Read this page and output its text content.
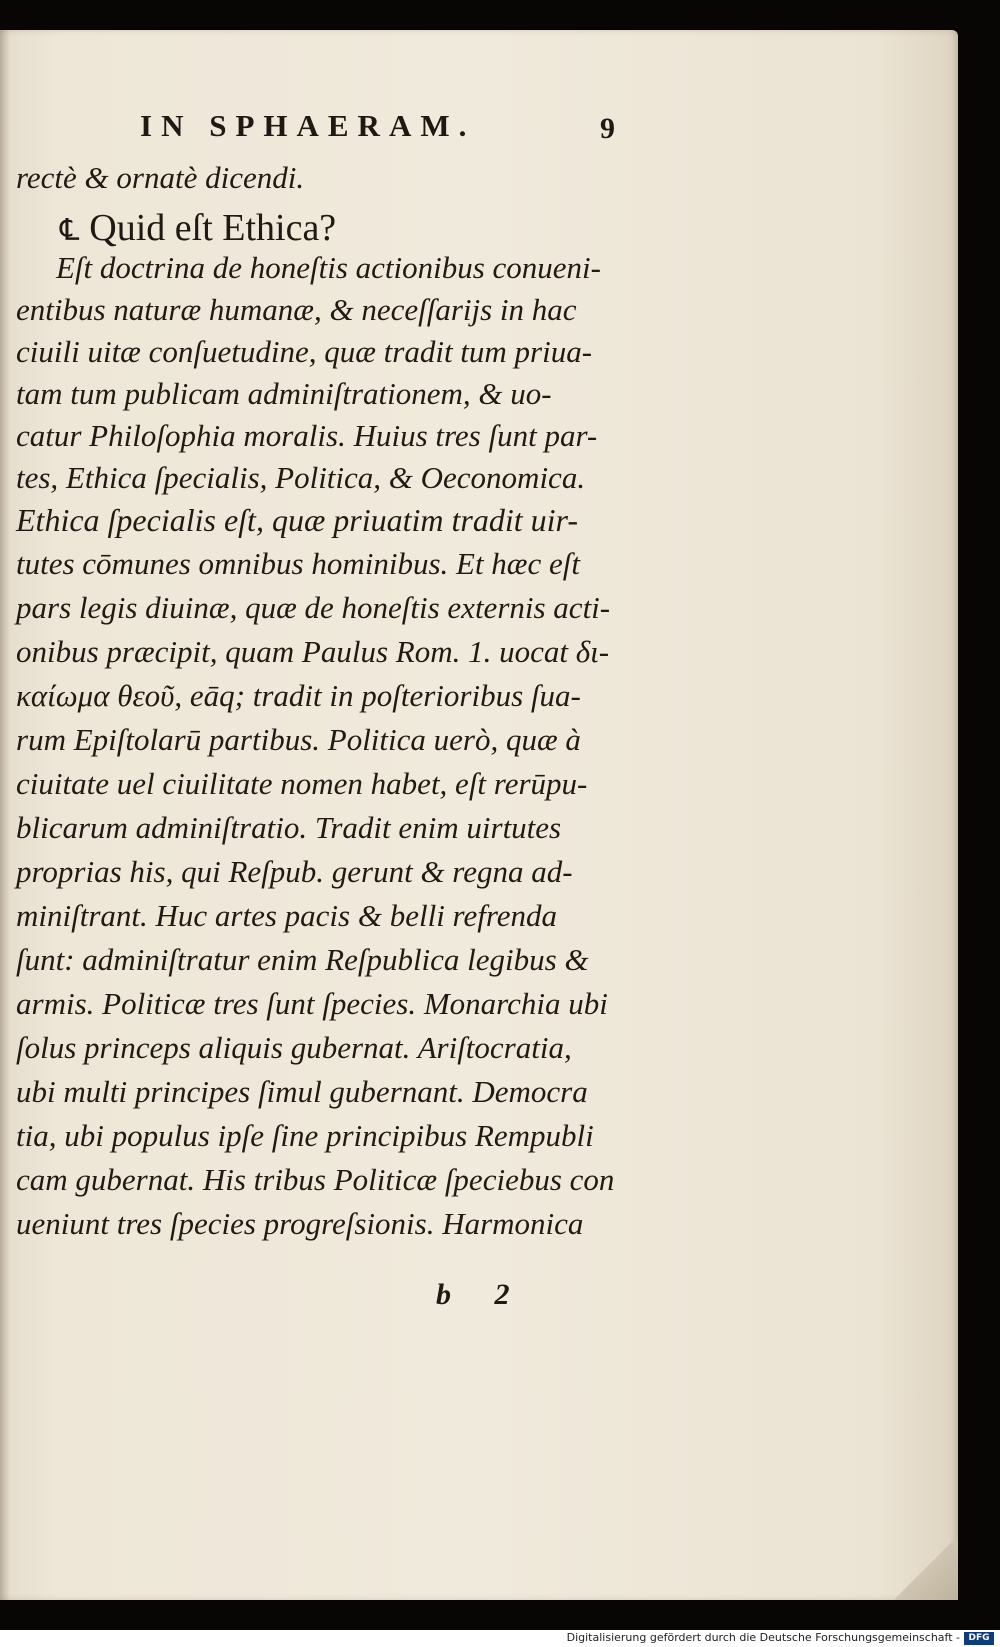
IN SPHAERAM.	9
rectè & ornatè dicendi.
℄ Quid eſt Ethica?
Eſt doctrina de honeſtis actionibus conueni-
entibus naturæ humanæ, & neceſſarijs in hac
ciuili uitæ conſuetudine, quæ tradit tum priua-
tam tum publicam adminiſtrationem, & uo-
catur Philoſophia moralis. Huius tres ſunt par-
tes, Ethica ſpecialis, Politica, & Oeconomica.
Ethica ſpecialis eſt, quæ priuatim tradit uir-
tutes cōmunes omnibus hominibus. Et hæc eſt
pars legis diuinæ, quæ de honeſtis externis acti-
onibus præcipit, quam Paulus Rom. 1. uocat δι-
καίωμα θεοῦ, eāq; tradit in poſterioribus ſua-
rum Epiſtolarū partibus. Politica uerò, quæ à
ciuitate uel ciuilitate nomen habet, eſt rerūpu-
blicarum adminiſtratio. Tradit enim uirtutes
proprias his, qui Reſpub. gerunt & regna ad-
miniſtrant. Huc artes pacis & belli refrenda
ſunt: adminiſtratur enim Reſpublica legibus &
armis. Politicæ tres ſunt ſpecies. Monarchia ubi
ſolus princeps aliquis gubernat. Ariſtocratia,
ubi multi principes ſimul gubernant. Democra
tia, ubi populus ipſe ſine principibus Rempubli
cam gubernat. His tribus Politicæ ſpeciebus con
ueniunt tres ſpecies progreſsionis. Harmonica
b 2
Digitalisierung gefördert durch die Deutsche Forschungsgemeinschaft - DFG
